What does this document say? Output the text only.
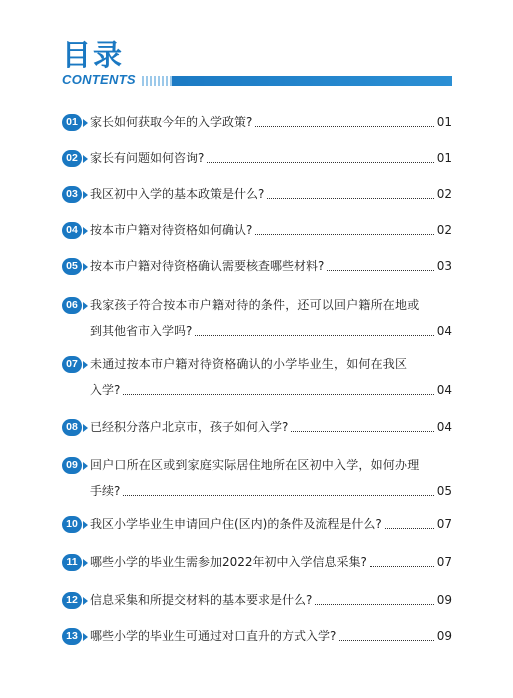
目录
CONTENTS
01	家长如何获取今年的入学政策?	01
02	家长有问题如何咨询?	01
03	我区初中入学的基本政策是什么?	02
04	按本市户籍对待资格如何确认?	02
05	按本市户籍对待资格确认需要核查哪些材料?	03
06	我家孩子符合按本市户籍对待的条件，还可以回户籍所在地或
到其他省市入学吗?	04
07	未通过按本市户籍对待资格确认的小学毕业生，如何在我区
入学?	04
08	已经积分落户北京市，孩子如何入学?	04
09	回户口所在区或到家庭实际居住地所在区初中入学，如何办理
手续?	05
10	我区小学毕业生申请回户住(区内)的条件及流程是什么?	07
11	哪些小学的毕业生需参加2022年初中入学信息采集?	07
12	信息采集和所提交材料的基本要求是什么?	09
13	哪些小学的毕业生可通过对口直升的方式入学?	09
